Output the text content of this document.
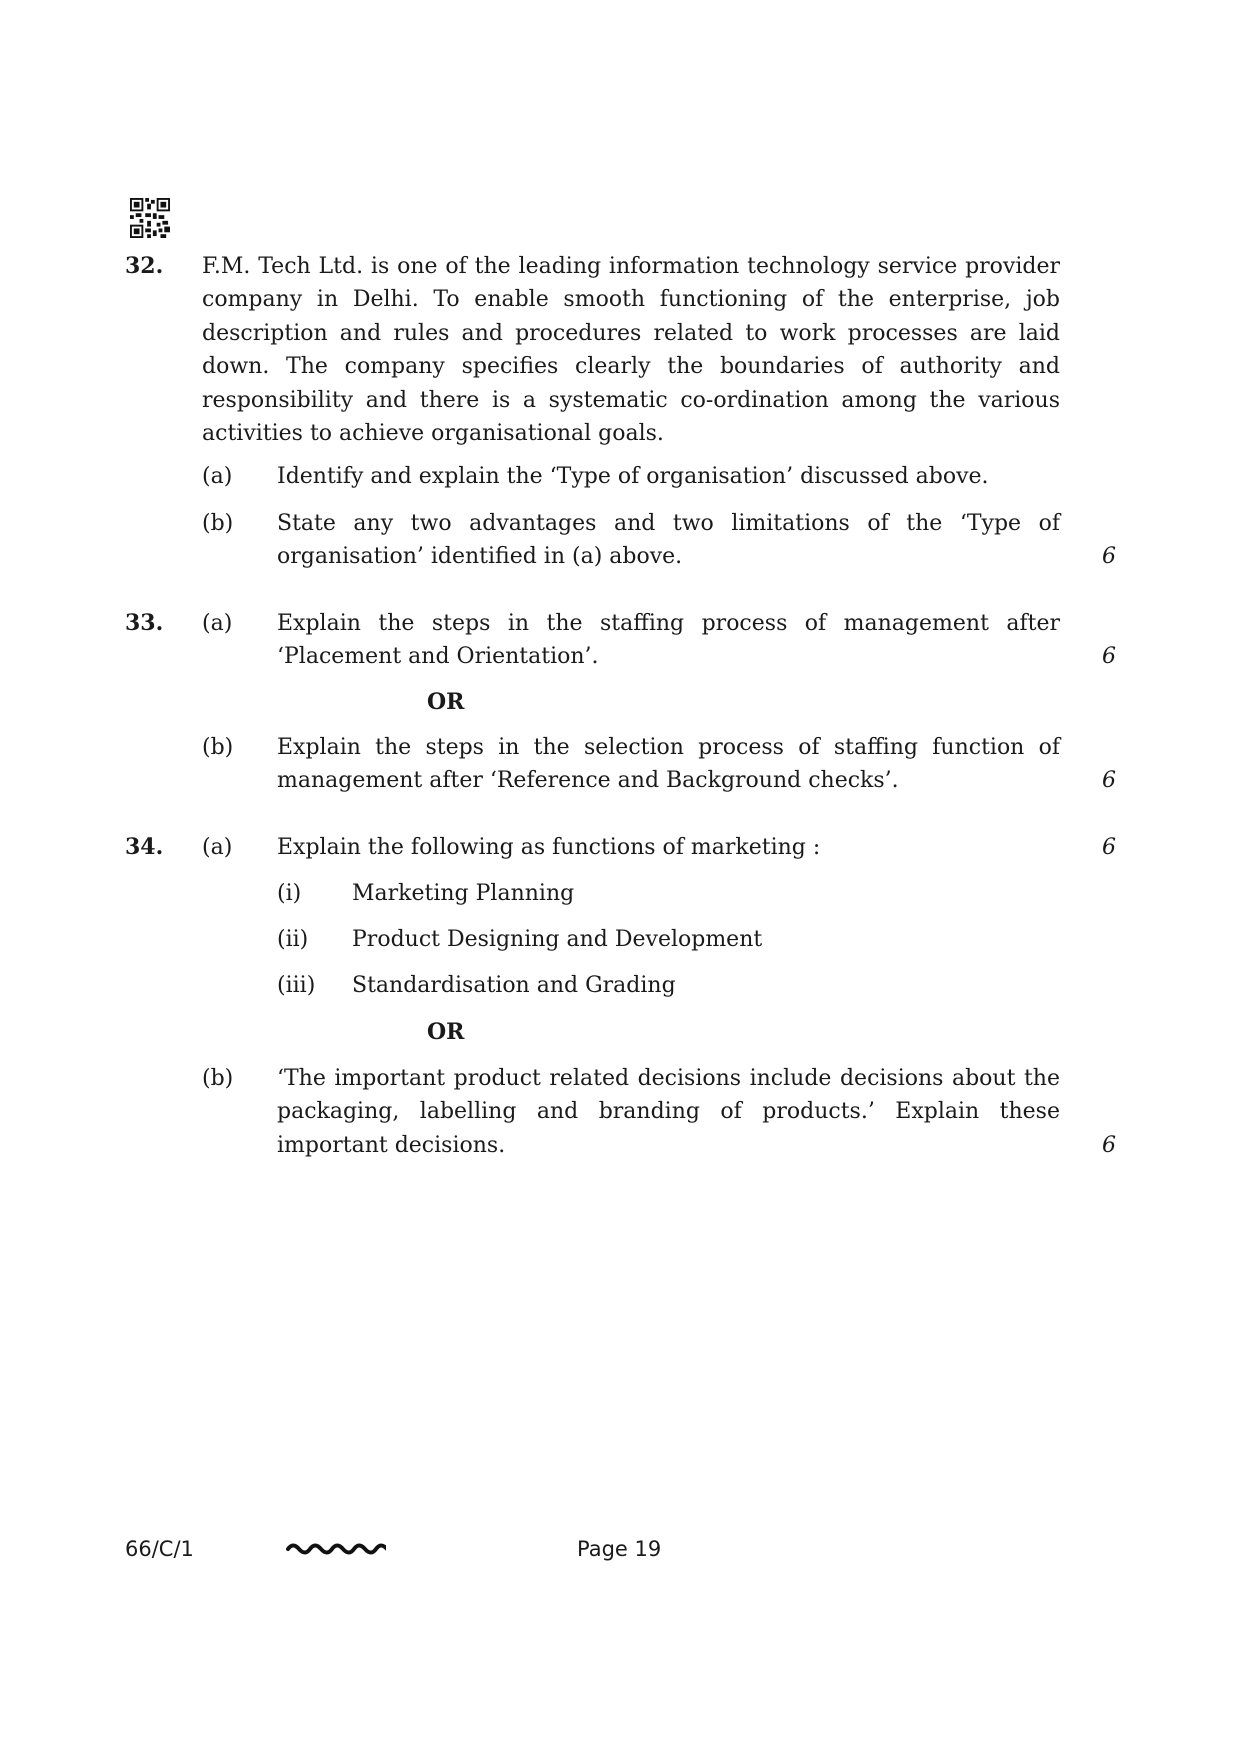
32. F.M. Tech Ltd. is one of the leading information technology service provider company in Delhi. To enable smooth functioning of the enterprise, job description and rules and procedures related to work processes are laid down. The company specifies clearly the boundaries of authority and responsibility and there is a systematic co-ordination among the various activities to achieve organisational goals.

(a) Identify and explain the ‘Type of organisation’ discussed above.

(b) State any two advantages and two limitations of the ‘Type of organisation’ identified in (a) above.	6
33. (a) Explain the steps in the staffing process of management after ‘Placement and Orientation’.	6
OR
(b) Explain the steps in the selection process of staffing function of management after ‘Reference and Background checks’.	6
34. (a) Explain the following as functions of marketing :	6
(i) Marketing Planning
(ii) Product Designing and Development
(iii) Standardisation and Grading
OR
(b) ‘The important product related decisions include decisions about the packaging, labelling and branding of products.’ Explain these important decisions.	6
66/C/1	Page 19
